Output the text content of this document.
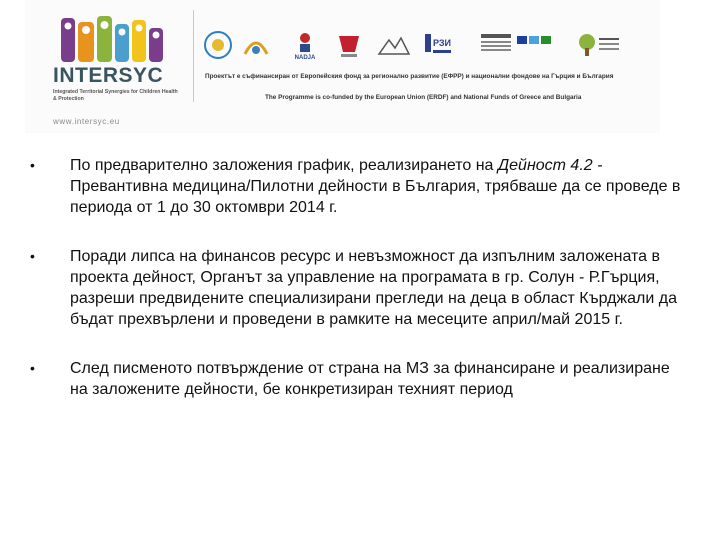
INTERSYC
Integrated Territorial Synergies for Children Health & Protection
www.intersyc.eu
NADJA
РЗИ
Проектът е съфинансиран от Европейския фонд за регионално развитие (ЕФРР) и национални фондове на Гърция и България
The Programme is co-funded by the European Union (ERDF) and National Funds of Greece and Bulgaria
• По предварително заложения график, реализирането на Дейност 4.2 - Превантивна медицина/Пилотни дейности в България, трябваше да се проведе в периода от 1 до 30 октомври 2014 г.
• Поради липса на финансов ресурс и невъзможност да изпълним заложената в проекта дейност, Органът за управление на програмата в гр. Солун - Р.Гърция, разреши предвидените специализирани прегледи на деца в област Кърджали да бъдат прехвърлени и проведени в рамките на месеците април/май 2015 г.
• След писменото потвърждение от страна на МЗ за финансиране и реализиране на заложените дейности, бе конкретизиран техният период
